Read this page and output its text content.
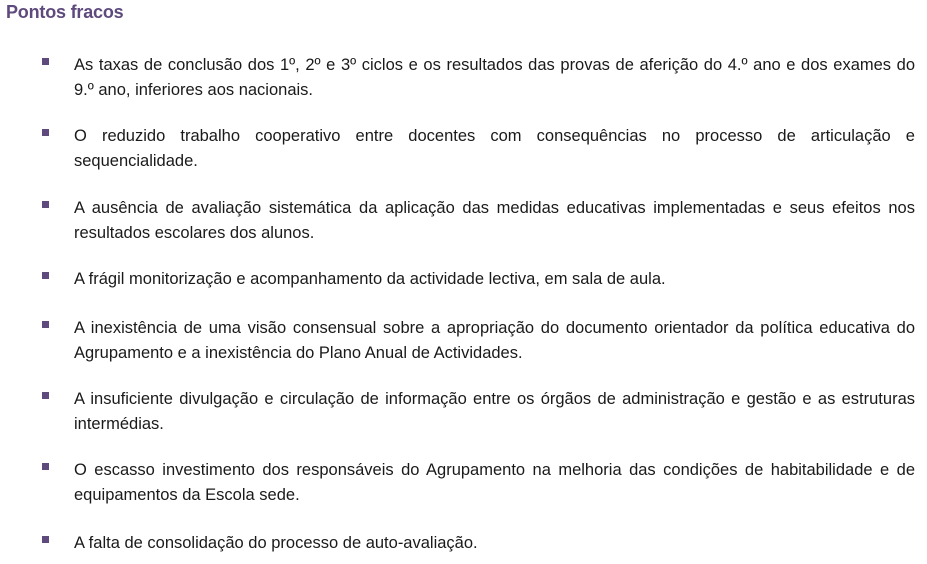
Pontos fracos

As taxas de conclusão dos 1º, 2º e 3º ciclos e os resultados das provas de aferição do 4.º ano e dos exames do 9.º ano, inferiores aos nacionais.

O reduzido trabalho cooperativo entre docentes com consequências no processo de articulação e sequencialidade.

A ausência de avaliação sistemática da aplicação das medidas educativas implementadas e seus efeitos nos resultados escolares dos alunos.

A frágil monitorização e acompanhamento da actividade lectiva, em sala de aula.

A inexistência de uma visão consensual sobre a apropriação do documento orientador da política educativa do Agrupamento e a inexistência do Plano Anual de Actividades.

A insuficiente divulgação e circulação de informação entre os órgãos de administração e gestão e as estruturas intermédias.

O escasso investimento dos responsáveis do Agrupamento na melhoria das condições de habitabilidade e de equipamentos da Escola sede.

A falta de consolidação do processo de auto-avaliação.
